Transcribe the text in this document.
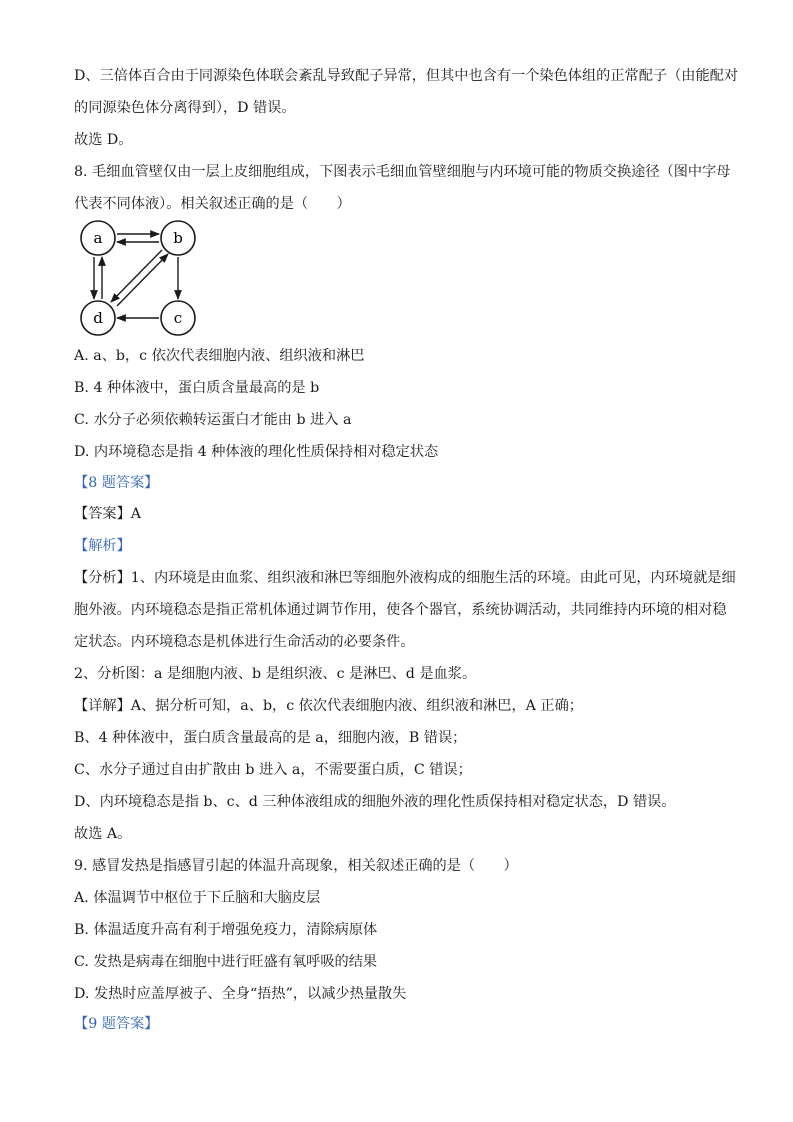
D、三倍体百合由于同源染色体联会紊乱导致配子异常，但其中也含有一个染色体组的正常配子（由能配对
的同源染色体分离得到），D 错误。
故选 D。
8. 毛细血管壁仅由一层上皮细胞组成，下图表示毛细血管壁细胞与内环境可能的物质交换途径（图中字母
代表不同体液）。相关叙述正确的是（　　）
a	b
c
d
A. a、b，c 依次代表细胞内液、组织液和淋巴
B. 4 种体液中，蛋白质含量最高的是 b
C. 水分子必须依赖转运蛋白才能由 b 进入 a
D. 内环境稳态是指 4 种体液的理化性质保持相对稳定状态
【8 题答案】
【答案】A
【解析】
【分析】1、内环境是由血浆、组织液和淋巴等细胞外液构成的细胞生活的环境。由此可见，内环境就是细
胞外液。内环境稳态是指正常机体通过调节作用，使各个器官，系统协调活动，共同维持内环境的相对稳
定状态。内环境稳态是机体进行生命活动的必要条件。
2、分析图：a 是细胞内液、b 是组织液、c 是淋巴、d 是血浆。
【详解】A、据分析可知，a、b，c 依次代表细胞内液、组织液和淋巴，A 正确；
B、4 种体液中，蛋白质含量最高的是 a，细胞内液，B 错误；
C、水分子通过自由扩散由 b 进入 a，不需要蛋白质，C 错误；
D、内环境稳态是指 b、c、d 三种体液组成的细胞外液的理化性质保持相对稳定状态，D 错误。
故选 A。
9. 感冒发热是指感冒引起的体温升高现象，相关叙述正确的是（　　）
A. 体温调节中枢位于下丘脑和大脑皮层
B. 体温适度升高有利于增强免疫力，清除病原体
C. 发热是病毒在细胞中进行旺盛有氧呼吸的结果
D. 发热时应盖厚被子、全身“捂热”，以减少热量散失
【9 题答案】
